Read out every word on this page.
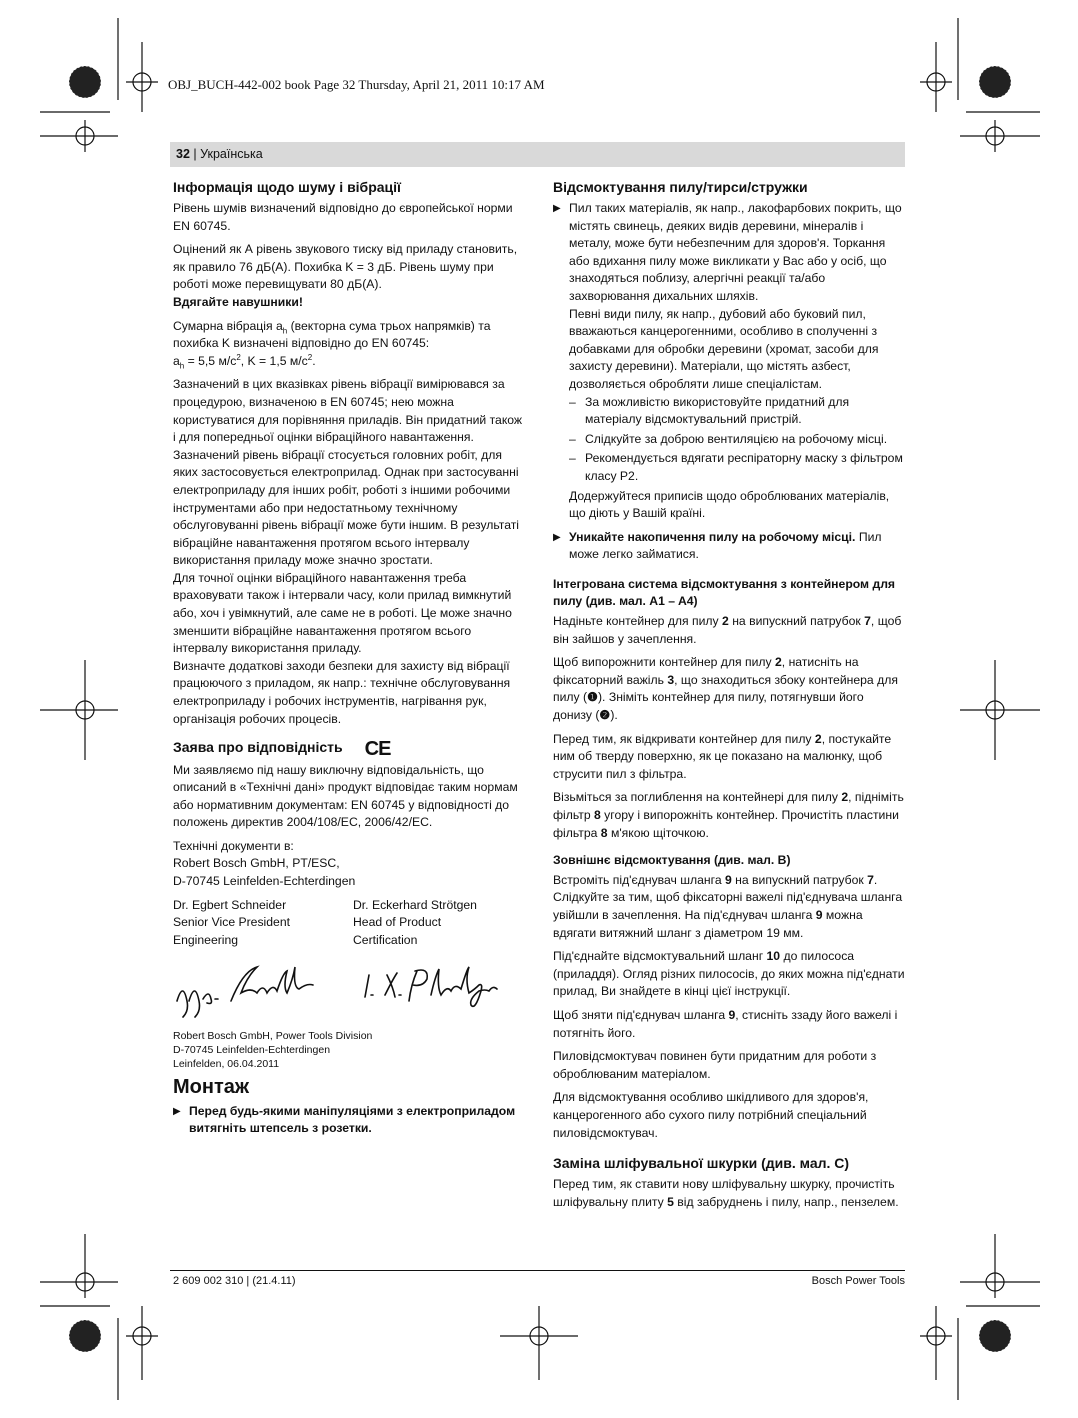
OBJ_BUCH-442-002 book Page 32 Thursday, April 21, 2011 10:17 AM
32 | Українська
Інформація щодо шуму і вібрації

Рівень шумів визначений відповідно до європейської норми EN 60745.

Оцінений як А рівень звукового тиску від приладу становить, як правило 76 дБ(А). Похибка K = 3 дБ. Рівень шуму при роботі може перевищувати 80 дБ(А).

Вдягайте навушники!

Сумарна вібрація $a_h$ (векторна сума трьох напрямків) та похибка K визначені відповідно до EN 60745:
$a_h = 5,5$ $м/с^2$, K = 1,5 $м/с^2$.

Зазначений в цих вказівках рівень вібрації вимірювався за процедурою, визначеною в EN 60745; нею можна користуватися для порівняння приладів. Він придатний також і для попередньої оцінки вібраційного навантаження. Зазначений рівень вібрації стосується головних робіт, для яких застосовується електроприлад. Однак при застосуванні електроприладу для інших робіт, роботі з іншими робочими інструментами або при недостатньому технічному обслуговуванні рівень вібрації може бути іншим. В результаті вібраційне навантаження протягом всього інтервалу використання приладу може значно зростати.

Для точної оцінки вібраційного навантаження треба враховувати також і інтервали часу, коли прилад вимкнутий або, хоч і увімкнутий, але саме не в роботі. Це може значно зменшити вібраційне навантаження протягом всього інтервалу використання приладу.

Визначте додаткові заходи безпеки для захисту від вібрації працюючого з приладом, як напр.: технічне обслуговування електроприладу і робочих інструментів, нагрівання рук, організація робочих процесів.

Заява про відповідність CE

Ми заявляємо під нашу виключну відповідальність, що описаний в «Технічні дані» продукт відповідає таким нормам або нормативним документам: EN 60745 у відповідності до положень директив 2004/108/EC, 2006/42/EC.

Технічні документи в:

Robert Bosch GmbH, PT/ESC,

D-70745 Leinfelden-Echterdingen

Dr. Egbert Schneider
Senior Vice President
Engineering
Dr. Eckerhard Strötgen
Head of Product
Certification

Robert Bosch GmbH, Power Tools Division

D-70745 Leinfelden-Echterdingen

Leinfelden, 06.04.2011

Монтаж
▶ Перед будь-якими маніпуляціями з електроприладом витягніть штепсель з розетки.
Відсмоктування пилу/тирси/стружки
▶ Пил таких матеріалів, як напр., лакофарбових покрить, що містять свинець, деяких видів деревини, мінералів і металу, може бути небезпечним для здоров'я. Торкання або вдихання пилу може викликати у Вас або у осіб, що знаходяться поблизу, алергічні реакції та/або захворювання дихальних шляхів.
Певні види пилу, як напр., дубовий або буковий пил, вважаються канцерогенними, особливо в сполученні з добавками для обробки деревини (хромат, засоби для захисту деревини). Матеріали, що містять азбест, дозволяється обробляти лише спеціалістам.
– За можливістю використовуйте придатний для матеріалу відсмоктувальний пристрій.
– Слідкуйте за доброю вентиляцією на робочому місці.
– Рекомендується вдягати респіраторну маску з фільтром класу P2.

Додержуйтеся приписів щодо оброблюваних матеріалів, що діють у Вашій країні.

▶ Уникайте накопичення пилу на робочому місці. Пил може легко займатися.
Інтегрована система відсмоктування з контейнером для пилу (див. мал. A1 – A4)

Надіньте контейнер для пилу 2 на випускний патрубок 7, щоб він зайшов у зачеплення.

Щоб випорожнити контейнер для пилу 2, натисніть на фіксаторний важіль 3, що знаходиться збоку контейнера для пилу (❶). Зніміть контейнер для пилу, потягнувши його донизу (❷).

Перед тим, як відкривати контейнер для пилу 2, постукайте ним об тверду поверхню, як це показано на малюнку, щоб струсити пил з фільтра.

Візьміться за поглиблення на контейнері для пилу 2, підніміть фільтр 8 угору і випорожніть контейнер. Прочистіть пластини фільтра 8 м'якою щіточкою.

Зовнішнє відсмоктування (див. мал. B)

Встроміть під'єднувач шланга 9 на випускний патрубок 7. Слідкуйте за тим, щоб фіксаторні важелі під'єднувача шланга увійшли в зачеплення. На під'єднувач шланга 9 можна вдягати витяжний шланг з діаметром 19 мм.

Під'єднайте відсмоктувальний шланг 10 до пилососа (приладдя). Огляд різних пилососів, до яких можна під'єднати прилад, Ви знайдете в кінці цієї інструкції.

Щоб зняти під'єднувач шланга 9, стисніть ззаду його важелі і потягніть його.

Пиловідсмоктувач повинен бути придатним для роботи з оброблюваним матеріалом.

Для відсмоктування особливо шкідливого для здоров'я, канцерогенного або сухого пилу потрібний спеціальний пиловідсмоктувач.

Заміна шліфувальної шкурки (див. мал. C)

Перед тим, як ставити нову шліфувальну шкурку, прочистіть шліфувальну плиту 5 від забруднень і пилу, напр., пензелем.

2 609 002 310 | (21.4.11)	Bosch Power Tools
